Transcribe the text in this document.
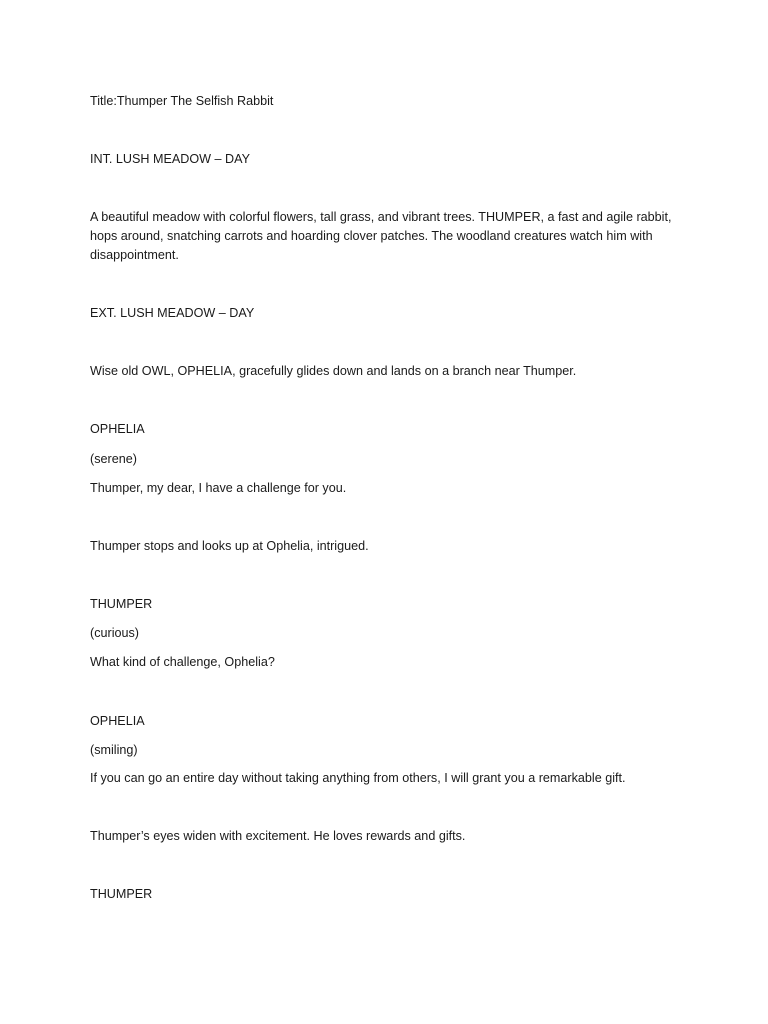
Title:Thumper The Selfish Rabbit
INT. LUSH MEADOW – DAY
A beautiful meadow with colorful flowers, tall grass, and vibrant trees. THUMPER, a fast and agile rabbit, hops around, snatching carrots and hoarding clover patches. The woodland creatures watch him with disappointment.
EXT. LUSH MEADOW – DAY
Wise old OWL, OPHELIA, gracefully glides down and lands on a branch near Thumper.
OPHELIA
(serene)
Thumper, my dear, I have a challenge for you.
Thumper stops and looks up at Ophelia, intrigued.
THUMPER
(curious)
What kind of challenge, Ophelia?
OPHELIA
(smiling)
If you can go an entire day without taking anything from others, I will grant you a remarkable gift.
Thumper’s eyes widen with excitement. He loves rewards and gifts.
THUMPER
